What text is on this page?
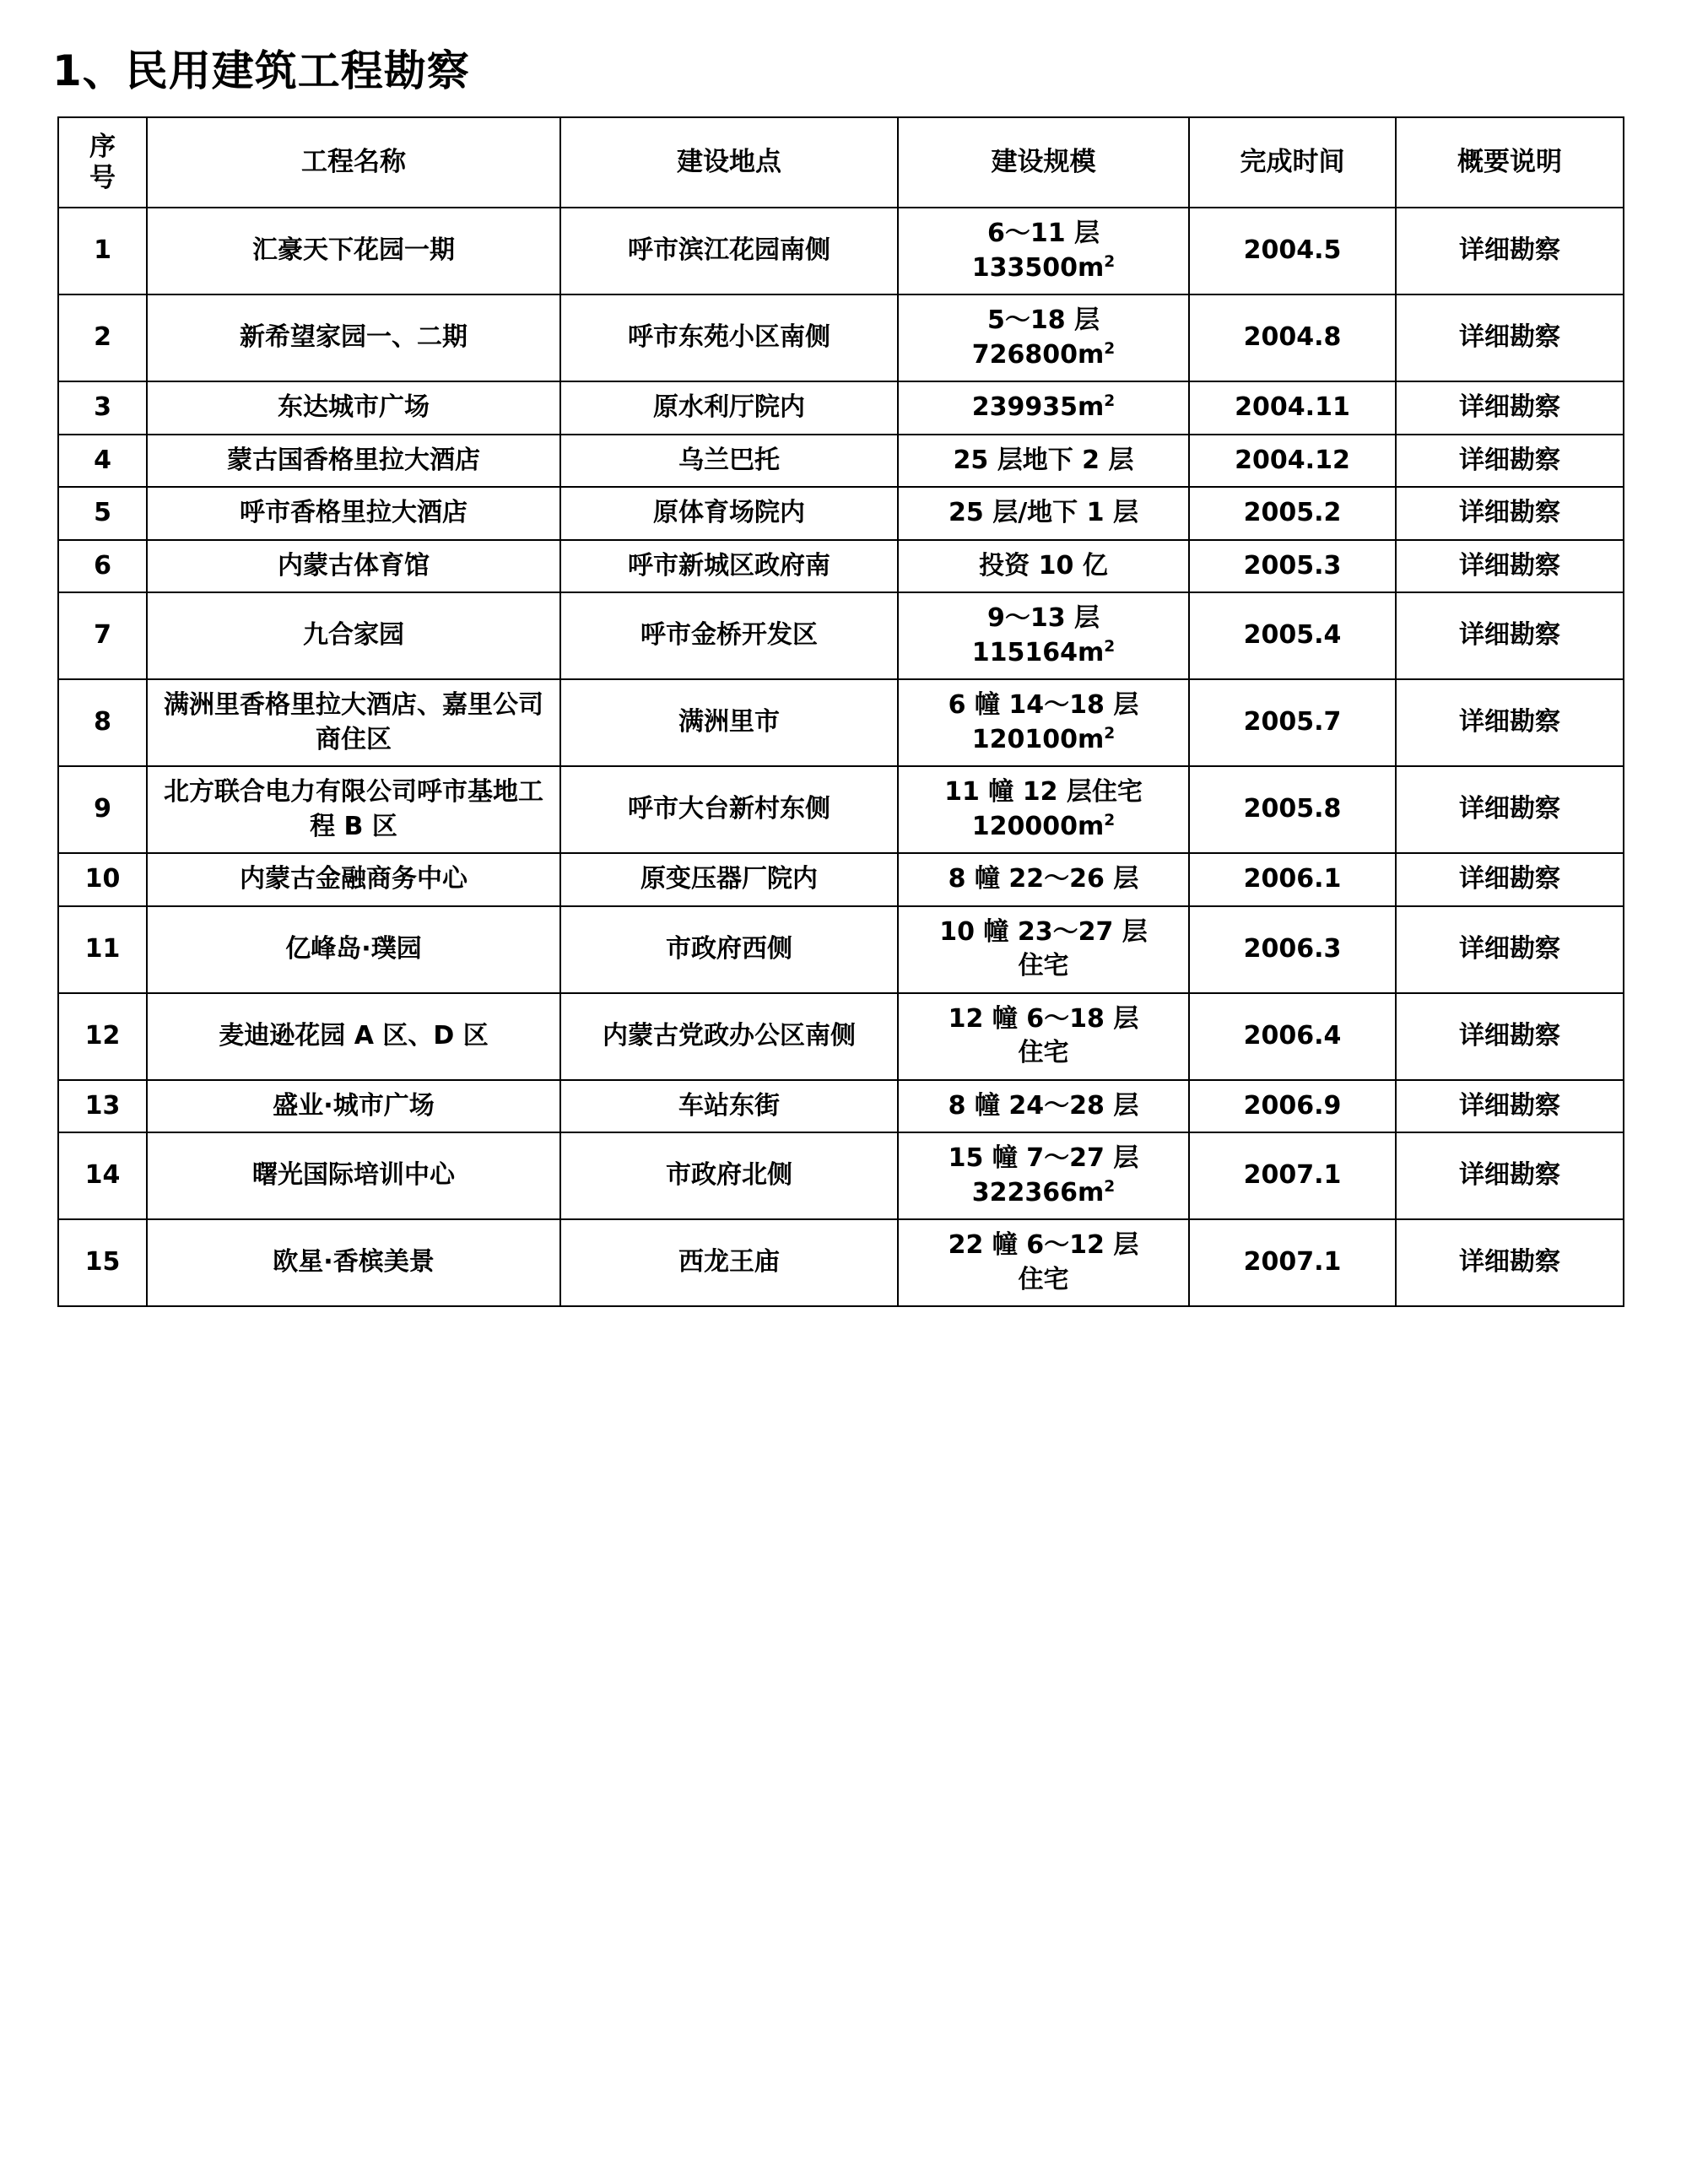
1、民用建筑工程勘察
序
号	工程名称	建设地点	建设规模	完成时间	概要说明
1	汇豪天下花园一期	呼市滨江花园南侧	6～11 层
$133500m^2$	2004.5	详细勘察
2	新希望家园一、二期	呼市东苑小区南侧	5～18 层
$726800m^2$	2004.8	详细勘察
3	东达城市广场	原水利厅院内	$239935m^2$	2004.11	详细勘察
4	蒙古国香格里拉大酒店	乌兰巴托	25 层地下 2 层	2004.12	详细勘察
5	呼市香格里拉大酒店	原体育场院内	25 层/地下 1 层	2005.2	详细勘察
6	内蒙古体育馆	呼市新城区政府南	投资 10 亿	2005.3	详细勘察
7	九合家园	呼市金桥开发区	9～13 层
$115164m^2$	2005.4	详细勘察
8	满洲里香格里拉大酒店、嘉里公司商住区	满洲里市	6 幢 14～18 层
$120100m^2$	2005.7	详细勘察
9	北方联合电力有限公司呼市基地工程 B 区	呼市大台新村东侧	11 幢 12 层住宅
$120000m^2$	2005.8	详细勘察
10	内蒙古金融商务中心	原变压器厂院内	8 幢 22～26 层	2006.1	详细勘察
11	亿峰岛·璞园	市政府西侧	10 幢 23～27 层
住宅	2006.3	详细勘察
12	麦迪逊花园 A 区、D 区	内蒙古党政办公区南侧	12 幢 6～18 层
住宅	2006.4	详细勘察
13	盛业·城市广场	车站东街	8 幢 24～28 层	2006.9	详细勘察
14	曙光国际培训中心	市政府北侧	15 幢 7～27 层
$322366m^2$	2007.1	详细勘察
15	欧星·香槟美景	西龙王庙	22 幢 6～12 层
住宅	2007.1	详细勘察
